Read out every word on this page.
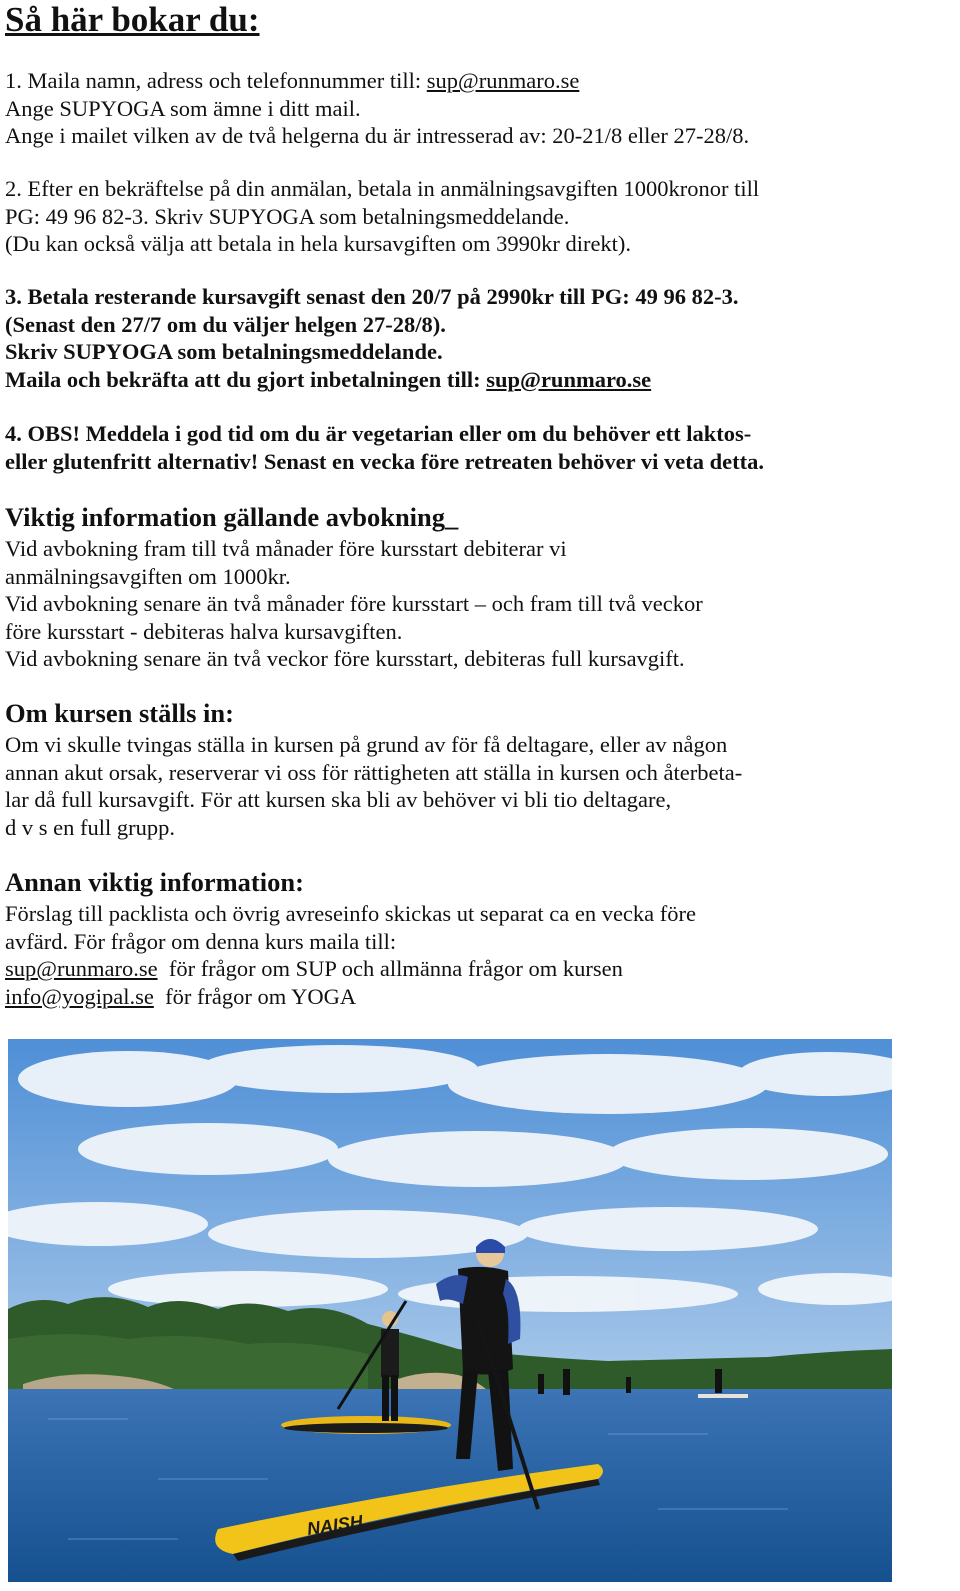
Så här bokar du:
1. Maila namn, adress och telefonnummer till: sup@runmaro.se
Ange SUPYOGA som ämne i ditt mail.
Ange i mailet vilken av de två helgerna du är intresserad av: 20-21/8 eller 27-28/8.
2. Efter en bekräftelse på din anmälan, betala in anmälningsavgiften 1000kronor till
PG: 49 96 82-3. Skriv SUPYOGA som betalningsmeddelande.
(Du kan också välja att betala in hela kursavgiften om 3990kr direkt).
3. Betala resterande kursavgift senast den 20/7 på 2990kr till PG: 49 96 82-3.
(Senast den 27/7 om du väljer helgen 27-28/8).
Skriv SUPYOGA som betalningsmeddelande.
Maila och bekräfta att du gjort inbetalningen till: sup@runmaro.se
4. OBS! Meddela i god tid om du är vegetarian eller om du behöver ett laktos-
eller glutenfritt alternativ! Senast en vecka före retreaten behöver vi veta detta.
Viktig information gällande avbokning_
Vid avbokning fram till två månader före kursstart debiterar vi
anmälningsavgiften om 1000kr.
Vid avbokning senare än två månader före kursstart – och fram till två veckor
före kursstart - debiteras halva kursavgiften.
Vid avbokning senare än två veckor före kursstart, debiteras full kursavgift.
Om kursen ställs in:
Om vi skulle tvingas ställa in kursen på grund av för få deltagare, eller av någon
annan akut orsak, reserverar vi oss för rättigheten att ställa in kursen och återbeta-
lar då full kursavgift. För att kursen ska bli av behöver vi bli tio deltagare,
d v s en full grupp.
Annan viktig information:
Förslag till packlista och övrig avreseinfo skickas ut separat ca en vecka före
avfärd. För frågor om denna kurs maila till:
sup@runmaro.se  för frågor om SUP och allmänna frågor om kursen
info@yogipal.se  för frågor om YOGA
NAISH
